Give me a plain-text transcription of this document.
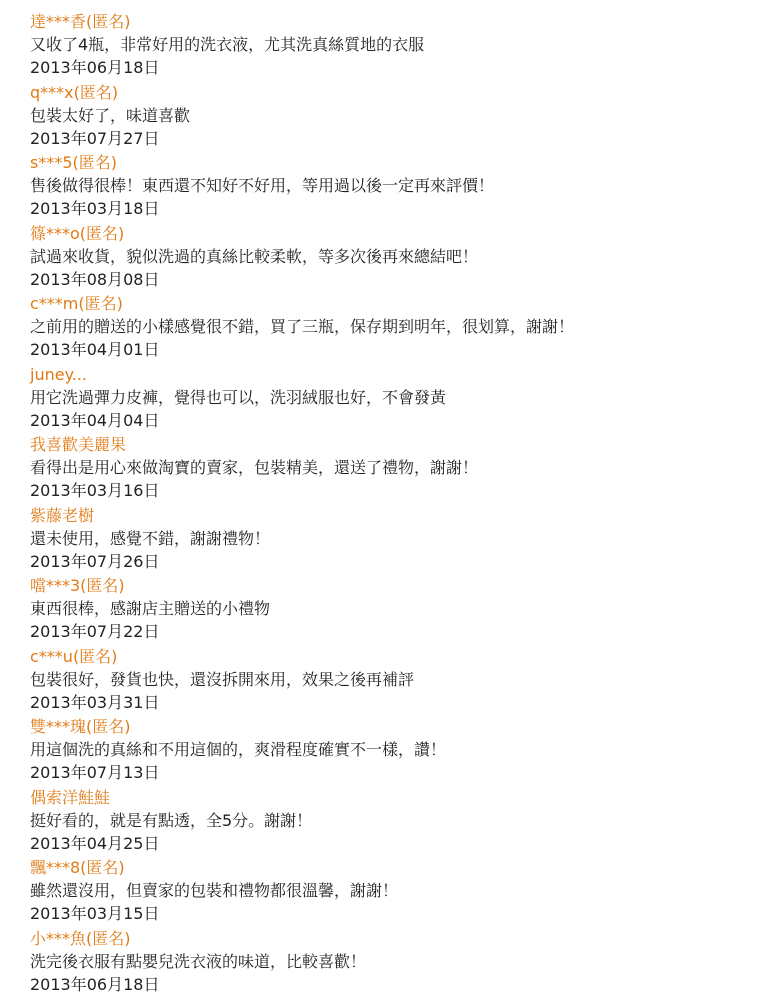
達***香(匿名)
又收了4瓶，非常好用的洗衣液，尤其洗真絲質地的衣服
2013年06月18日
q***x(匿名)
包裝太好了，味道喜歡
2013年07月27日
s***5(匿名)
售後做得很棒！東西還不知好不好用，等用過以後一定再來評價！
2013年03月18日
篠***o(匿名)
試過來收貨，貌似洗過的真絲比較柔軟，等多次後再來總結吧！
2013年08月08日
c***m(匿名)
之前用的贈送的小樣感覺很不錯，買了三瓶，保存期到明年，很划算，謝謝！
2013年04月01日
juney...
用它洗過彈力皮褲，覺得也可以，洗羽絨服也好，不會發黃
2013年04月04日
我喜歡美麗果
看得出是用心來做淘寶的賣家，包裝精美，還送了禮物，謝謝！
2013年03月16日
紫藤老樹
還未使用，感覺不錯，謝謝禮物！
2013年07月26日
噹***3(匿名)
東西很棒，感謝店主贈送的小禮物
2013年07月22日
c***u(匿名)
包裝很好，發貨也快，還沒拆開來用，效果之後再補評
2013年03月31日
雙***瑰(匿名)
用這個洗的真絲和不用這個的，爽滑程度確實不一樣，讚！
2013年07月13日
偶索洋鮭鮭
挺好看的，就是有點透，全5分。謝謝！
2013年04月25日
飄***8(匿名)
雖然還沒用，但賣家的包裝和禮物都很溫馨，謝謝！
2013年03月15日
小***魚(匿名)
洗完後衣服有點嬰兒洗衣液的味道，比較喜歡！
2013年06月18日
